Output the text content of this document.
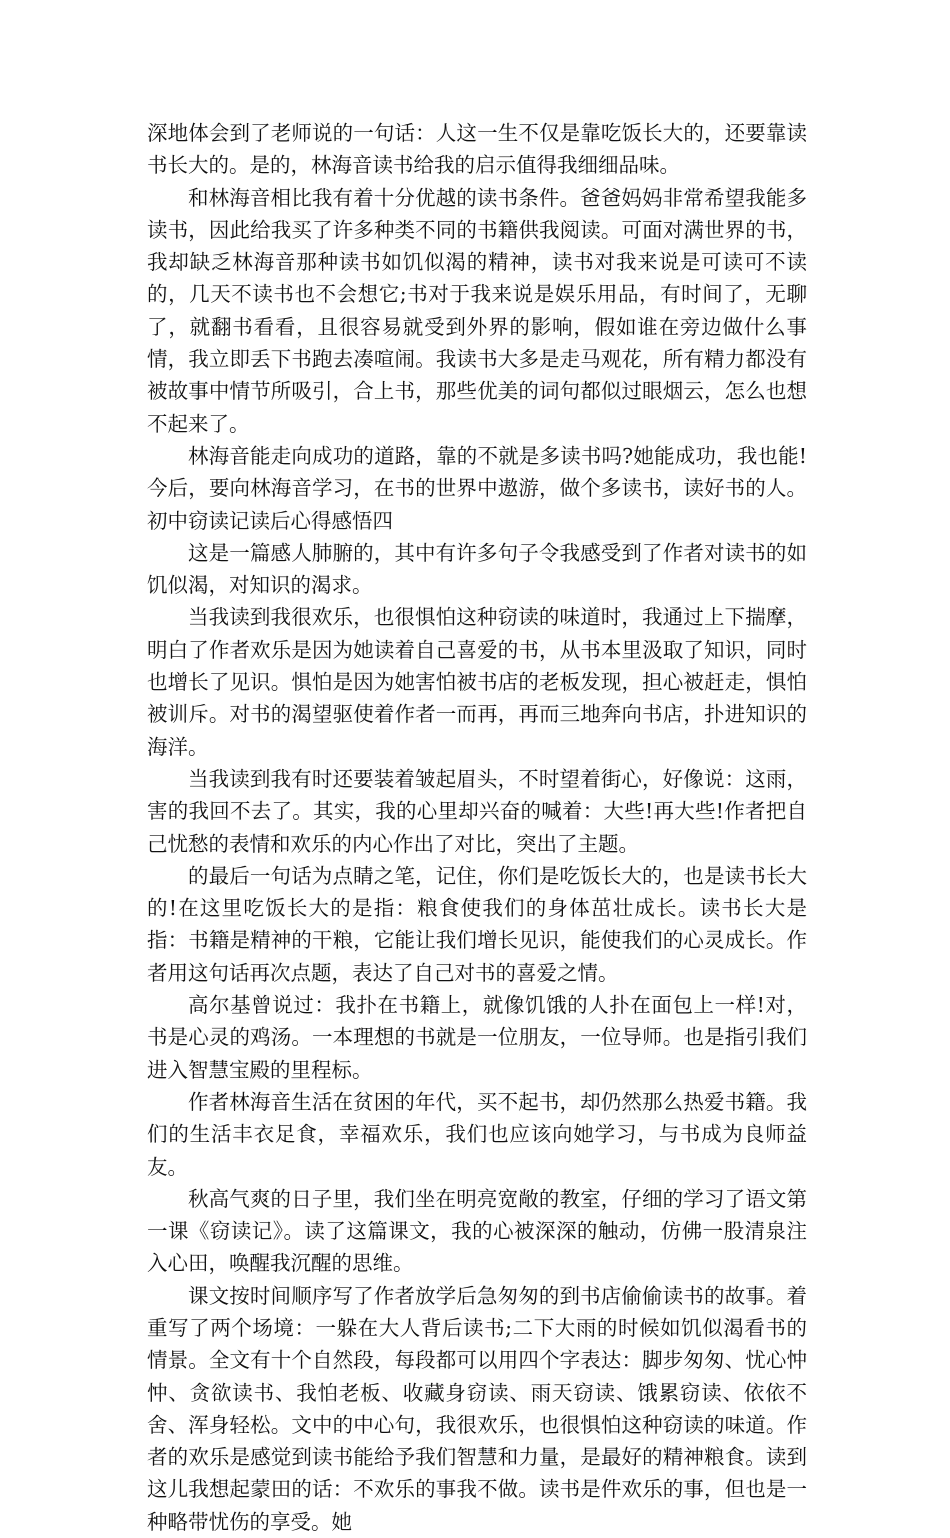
深地体会到了老师说的一句话：人这一生不仅是靠吃饭长大的，还要靠读书长大的。是的，林海音读书给我的启示值得我细细品味。

和林海音相比我有着十分优越的读书条件。爸爸妈妈非常希望我能多读书，因此给我买了许多种类不同的书籍供我阅读。可面对满世界的书，我却缺乏林海音那种读书如饥似渴的精神，读书对我来说是可读可不读的，几天不读书也不会想它;书对于我来说是娱乐用品，有时间了，无聊了，就翻书看看，且很容易就受到外界的影响，假如谁在旁边做什么事情，我立即丢下书跑去凑喧闹。我读书大多是走马观花，所有精力都没有被故事中情节所吸引，合上书，那些优美的词句都似过眼烟云，怎么也想不起来了。

林海音能走向成功的道路，靠的不就是多读书吗?她能成功，我也能!今后，要向林海音学习，在书的世界中遨游，做个多读书，读好书的人。初中窃读记读后心得感悟四

这是一篇感人肺腑的，其中有许多句子令我感受到了作者对读书的如饥似渴，对知识的渴求。

当我读到我很欢乐，也很惧怕这种窃读的味道时，我通过上下揣摩，明白了作者欢乐是因为她读着自己喜爱的书，从书本里汲取了知识，同时也增长了见识。惧怕是因为她害怕被书店的老板发现，担心被赶走，惧怕被训斥。对书的渴望驱使着作者一而再，再而三地奔向书店，扑进知识的海洋。

当我读到我有时还要装着皱起眉头，不时望着街心，好像说：这雨，害的我回不去了。其实，我的心里却兴奋的喊着：大些!再大些!作者把自己忧愁的表情和欢乐的内心作出了对比，突出了主题。

的最后一句话为点睛之笔，记住，你们是吃饭长大的，也是读书长大的!在这里吃饭长大的是指：粮食使我们的身体茁壮成长。读书长大是指：书籍是精神的干粮，它能让我们增长见识，能使我们的心灵成长。作者用这句话再次点题，表达了自己对书的喜爱之情。

高尔基曾说过：我扑在书籍上，就像饥饿的人扑在面包上一样!对，书是心灵的鸡汤。一本理想的书就是一位朋友，一位导师。也是指引我们进入智慧宝殿的里程标。

作者林海音生活在贫困的年代，买不起书，却仍然那么热爱书籍。我们的生活丰衣足食，幸福欢乐，我们也应该向她学习，与书成为良师益友。

秋高气爽的日子里，我们坐在明亮宽敞的教室，仔细的学习了语文第一课《窃读记》。读了这篇课文，我的心被深深的触动，仿佛一股清泉注入心田，唤醒我沉醒的思维。

课文按时间顺序写了作者放学后急匆匆的到书店偷偷读书的故事。着重写了两个场境：一躲在大人背后读书;二下大雨的时候如饥似渴看书的情景。全文有十个自然段，每段都可以用四个字表达：脚步匆匆、忧心忡忡、贪欲读书、我怕老板、收藏身窃读、雨天窃读、饿累窃读、依依不舍、浑身轻松。文中的中心句，我很欢乐，也很惧怕这种窃读的味道。作者的欢乐是感觉到读书能给予我们智慧和力量，是最好的精神粮食。读到这儿我想起蒙田的话：不欢乐的事我不做。读书是件欢乐的事，但也是一种略带忧伤的享受。她
